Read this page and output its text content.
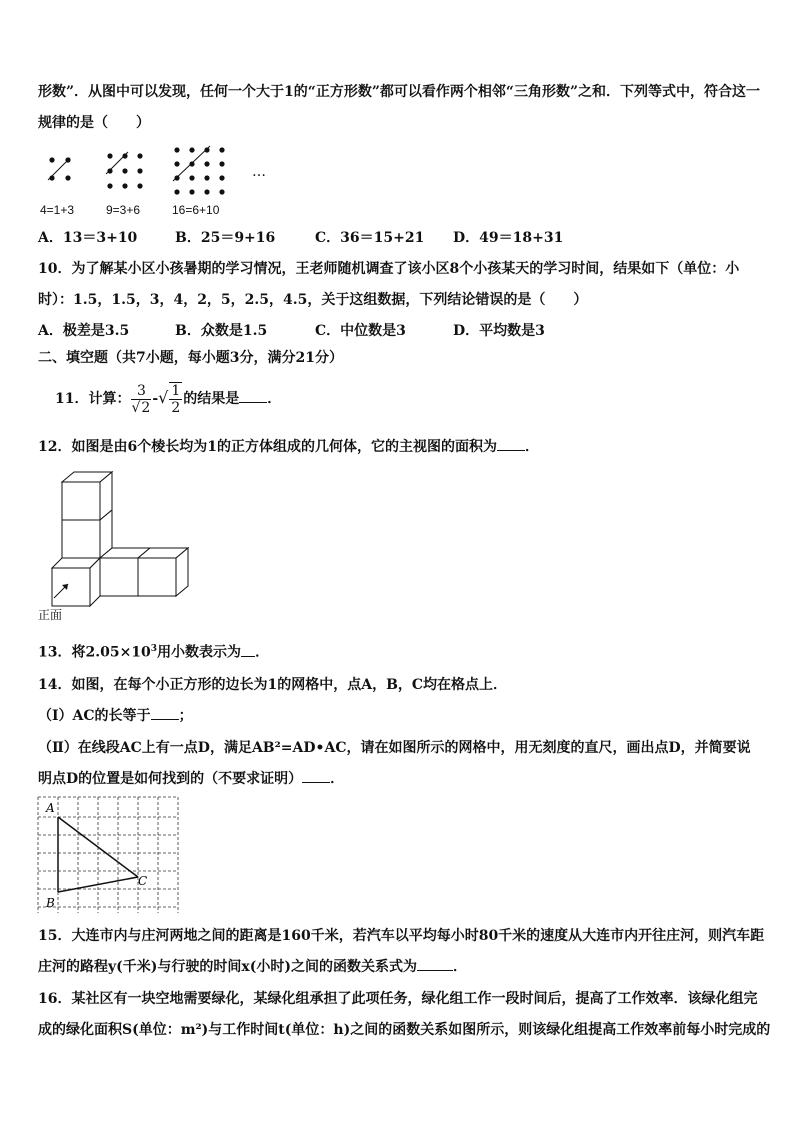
形数”．从图中可以发现，任何一个大于1的“正方形数”都可以看作两个相邻“三角形数”之和．下列等式中，符合这一
规律的是（　　）
…
4=1+3	9=3+6	16=6+10
A．13＝3+10	B．25＝9+16	C．36＝15+21 D．49＝18+31
10．为了解某小区小孩暑期的学习情况，王老师随机调查了该小区8个小孩某天的学习时间，结果如下（单位：小
时）：1.5，1.5，3，4，2，5，2.5，4.5，关于这组数据，下列结论错误的是（　　）
A．极差是3.5	B．众数是1.5	C．中位数是3	D．平均数是3
二、填空题（共7小题，每小题3分，满分21分）
11．计算： $\frac{3}{√2}$ -√ $\frac{1}{2}$ 的结果是 ．
12．如图是由6个棱长均为1的正方体组成的几何体，它的主视图的面积为 ．
正面
13．将$2.05\times 10^3$用小数表示为 ．
14．如图，在每个小正方形的边长为1的网格中，点A，B，C均在格点上．
（Ⅰ）AC的长等于 ；
（Ⅱ）在线段AC上有一点D，满足AB²=AD•AC，请在如图所示的网格中，用无刻度的直尺，画出点D，并简要说
明点D的位置是如何找到的（不要求证明） ．
A
B
C
15．大连市内与庄河两地之间的距离是160千米，若汽车以平均每小时80千米的速度从大连市内开往庄河，则汽车距
庄河的路程y(千米)与行驶的时间x(小时)之间的函数关系式为	．
16．某社区有一块空地需要绿化，某绿化组承担了此项任务，绿化组工作一段时间后，提高了工作效率．该绿化组完
成的绿化面积S(单位：m²)与工作时间t(单位：h)之间的函数关系如图所示，则该绿化组提高工作效率前每小时完成的
